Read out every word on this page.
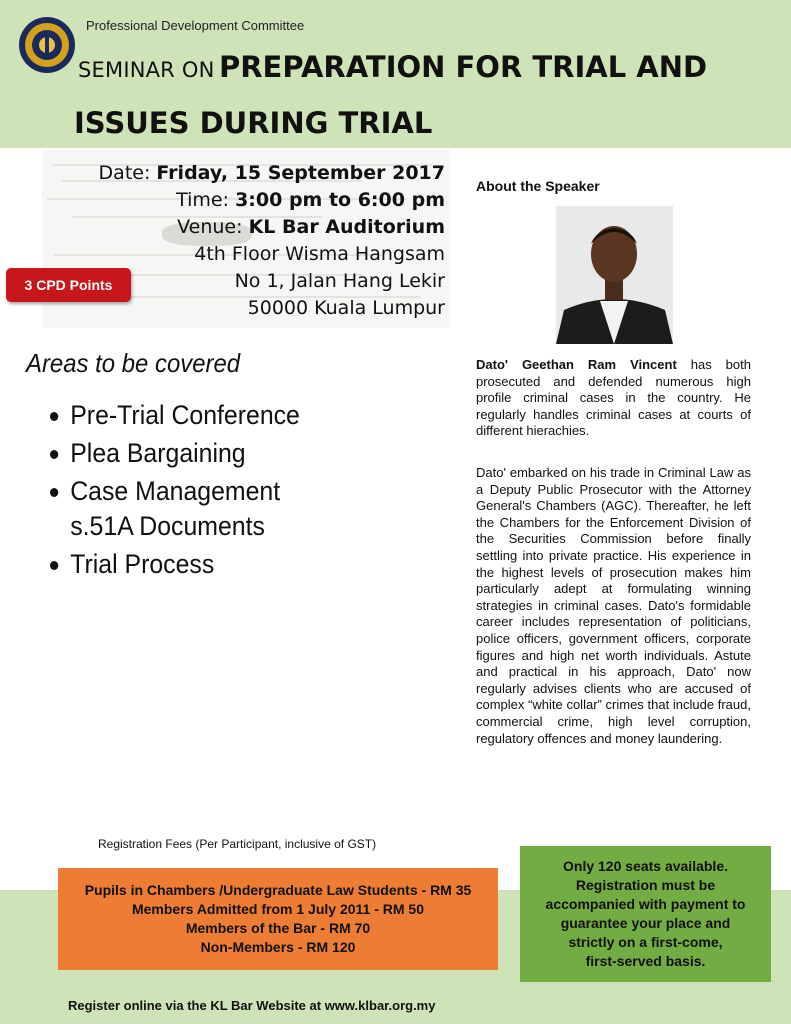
Professional Development Committee
SEMINAR ON PREPARATION FOR TRIAL AND
ISSUES DURING TRIAL
Date: Friday, 15 September 2017
Time: 3:00 pm to 6:00 pm
Venue: KL Bar Auditorium
4th Floor Wisma Hangsam
No 1, Jalan Hang Lekir
50000 Kuala Lumpur
3 CPD Points
Areas to be covered
Pre-Trial Conference
Plea Bargaining
Case Management
s.51A Documents
Trial Process
About the Speaker

Dato' Geethan Ram Vincent has both prosecuted and defended numerous high profile criminal cases in the country. He regularly handles criminal cases at courts of different hierachies.

Dato' embarked on his trade in Criminal Law as a Deputy Public Prosecutor with the Attorney General's Chambers (AGC). Thereafter, he left the Chambers for the Enforcement Division of the Securities Commission before finally settling into private practice. His experience in the highest levels of prosecution makes him particularly adept at formulating winning strategies in criminal cases. Dato's formidable career includes representation of politicians, police officers, government officers, corporate figures and high net worth individuals. Astute and practical in his approach, Dato' now regularly advises clients who are accused of complex “white collar” crimes that include fraud, commercial crime, high level corruption, regulatory offences and money laundering.

Registration Fees (Per Participant, inclusive of GST)
Pupils in Chambers /Undergraduate Law Students - RM 35
Members Admitted from 1 July 2011 - RM 50
Members of the Bar - RM 70
Non-Members - RM 120
Only 120 seats available.
Registration must be
accompanied with payment to
guarantee your place and
strictly on a first-come,
first-served basis.
Register online via the KL Bar Website at www.klbar.org.my
